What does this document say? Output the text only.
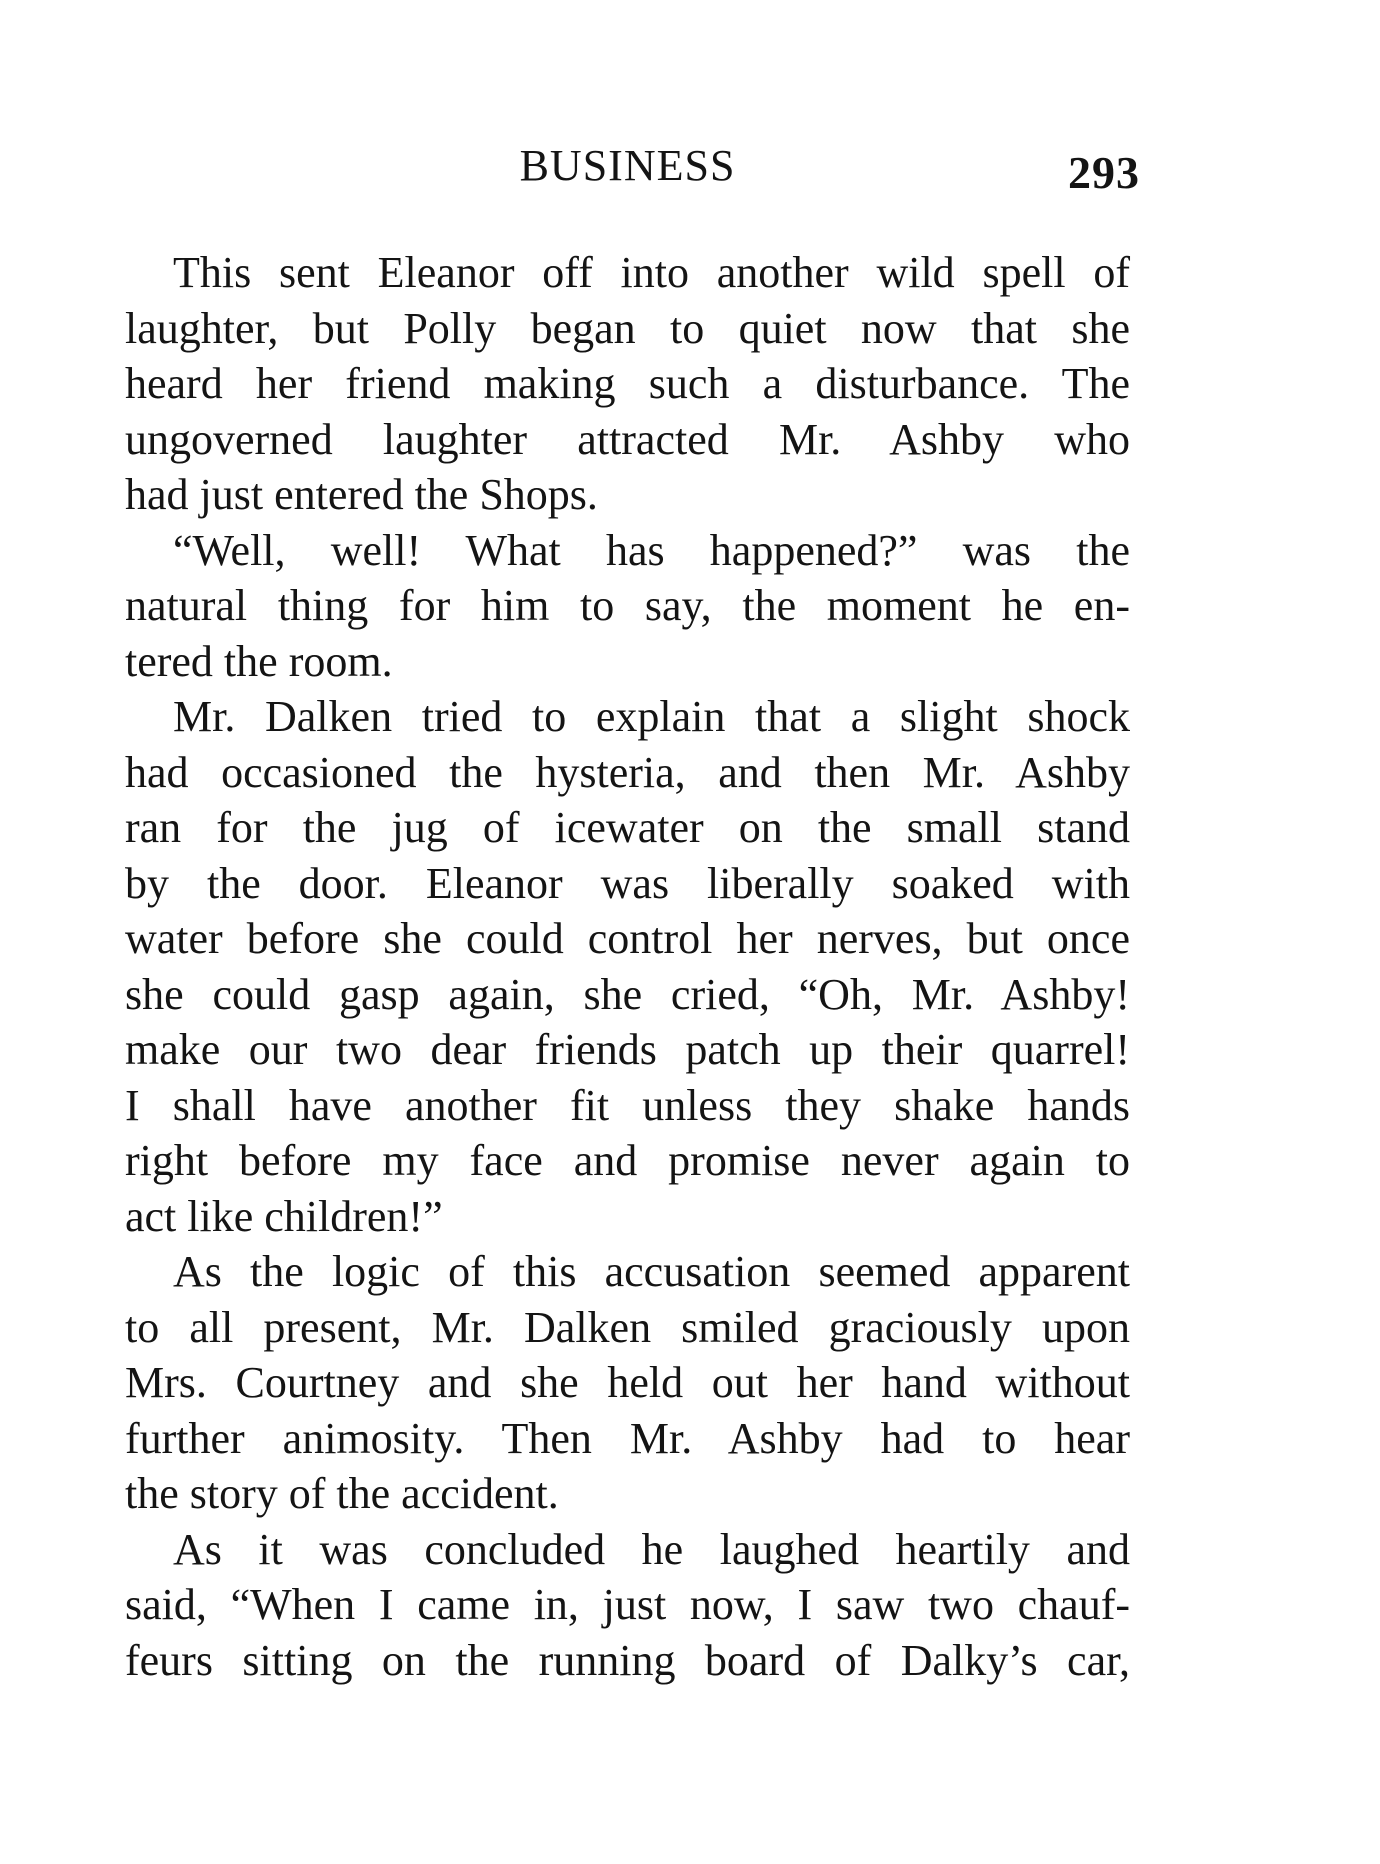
BUSINESS	293
This sent Eleanor off into another wild spell of
laughter, but Polly began to quiet now that she
heard her friend making such a disturbance. The
ungoverned laughter attracted Mr. Ashby who
had just entered the Shops.
“Well, well! What has happened?” was the
natural thing for him to say, the moment he en-
tered the room.
Mr. Dalken tried to explain that a slight shock
had occasioned the hysteria, and then Mr. Ashby
ran for the jug of icewater on the small stand
by the door. Eleanor was liberally soaked with
water before she could control her nerves, but once
she could gasp again, she cried, “Oh, Mr. Ashby!
make our two dear friends patch up their quarrel!
I shall have another fit unless they shake hands
right before my face and promise never again to
act like children!”
As the logic of this accusation seemed apparent
to all present, Mr. Dalken smiled graciously upon
Mrs. Courtney and she held out her hand without
further animosity. Then Mr. Ashby had to hear
the story of the accident.
As it was concluded he laughed heartily and
said, “When I came in, just now, I saw two chauf-
feurs sitting on the running board of Dalky’s car,
